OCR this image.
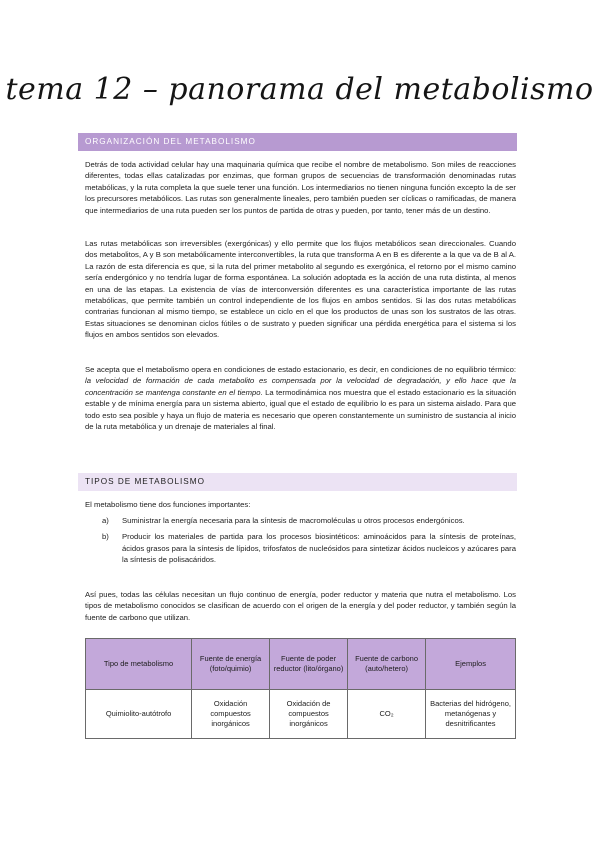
tema 12 – panorama del metabolismo
ORGANIZACIÓN DEL METABOLISMO

Detrás de toda actividad celular hay una maquinaria química que recibe el nombre de metabolismo. Son miles de reacciones diferentes, todas ellas catalizadas por enzimas, que forman grupos de secuencias de transformación denominadas rutas metabólicas, y la ruta completa la que suele tener una función. Los intermediarios no tienen ninguna función excepto la de ser los precursores metabólicos. Las rutas son generalmente lineales, pero también pueden ser cíclicas o ramificadas, de manera que intermediarios de una ruta pueden ser los puntos de partida de otras y pueden, por tanto, tener más de un destino.

Las rutas metabólicas son irreversibles (exergónicas) y ello permite que los flujos metabólicos sean direccionales. Cuando dos metabolitos, A y B son metabólicamente interconvertibles, la ruta que transforma A en B es diferente a la que va de B al A. La razón de esta diferencia es que, si la ruta del primer metabolito al segundo es exergónica, el retorno por el mismo camino sería endergónico y no tendría lugar de forma espontánea. La solución adoptada es la acción de una ruta distinta, al menos en una de las etapas. La existencia de vías de interconversión diferentes es una característica importante de las rutas metabólicas, que permite también un control independiente de los flujos en ambos sentidos. Si las dos rutas metabólicas contrarias funcionan al mismo tiempo, se establece un ciclo en el que los productos de unas son los sustratos de las otras. Estas situaciones se denominan ciclos fútiles o de sustrato y pueden significar una pérdida energética para el sistema si los flujos en ambos sentidos son elevados.

Se acepta que el metabolismo opera en condiciones de estado estacionario, es decir, en condiciones de no equilibrio térmico: la velocidad de formación de cada metabolito es compensada por la velocidad de degradación, y ello hace que la concentración se mantenga constante en el tiempo. La termodinámica nos muestra que el estado estacionario es la situación estable y de mínima energía para un sistema abierto, igual que el estado de equilibrio lo es para un sistema aislado. Para que todo esto sea posible y haya un flujo de materia es necesario que operen constantemente un suministro de sustancia al inicio de la ruta metabólica y un drenaje de materiales al final.

TIPOS DE METABOLISMO

El metabolismo tiene dos funciones importantes:

a) Suministrar la energía necesaria para la síntesis de macromoléculas u otros procesos endergónicos.
b) Producir los materiales de partida para los procesos biosintéticos: aminoácidos para la síntesis de proteínas, ácidos grasos para la síntesis de lípidos, trifosfatos de nucleósidos para sintetizar ácidos nucleicos y azúcares para la síntesis de polisacáridos.

Así pues, todas las células necesitan un flujo continuo de energía, poder reductor y materia que nutra el metabolismo. Los tipos de metabolismo conocidos se clasifican de acuerdo con el origen de la energía y del poder reductor, y también según la fuente de carbono que utilizan.

Tipo de metabolismo	Fuente de energía (foto/quimio)	Fuente de poder reductor (lito/órgano)	Fuente de carbono (auto/hetero)	Ejemplos
Quimiolito-autótrofo	Oxidación compuestos inorgánicos	Oxidación de compuestos inorgánicos	CO₂	Bacterias del hidrógeno, metanógenas y desnitrificantes
